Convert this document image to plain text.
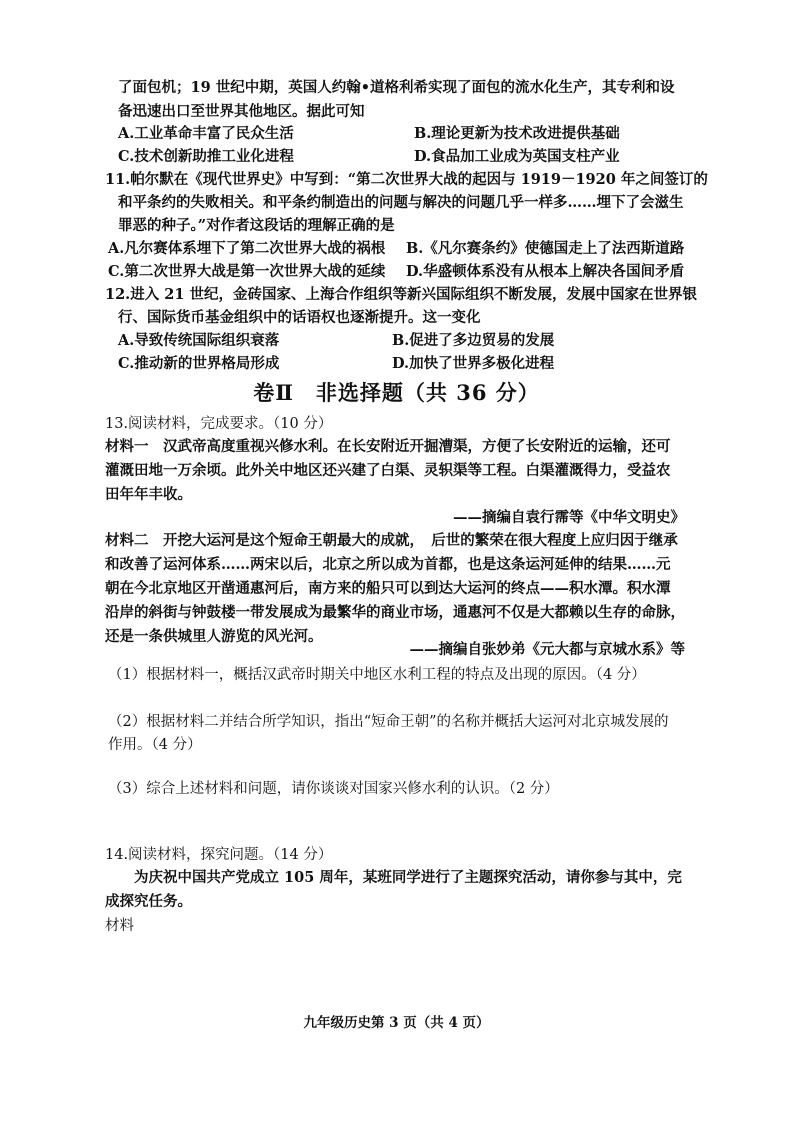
了面包机；19 世纪中期，英国人约翰•道格利希实现了面包的流水化生产，其专利和设
备迅速出口至世界其他地区。据此可知
A.工业革命丰富了民众生活	B.理论更新为技术改进提供基础
C.技术创新助推工业化进程	D.食品加工业成为英国支柱产业
11.帕尔默在《现代世界史》中写到：“第二次世界大战的起因与 1919－1920 年之间签订的
和平条约的失败相关。和平条约制造出的问题与解决的问题几乎一样多……埋下了会滋生
罪恶的种子。”对作者这段话的理解正确的是
A.凡尔赛体系埋下了第二次世界大战的祸根 B.《凡尔赛条约》使德国走上了法西斯道路
C.第二次世界大战是第一次世界大战的延续 D.华盛顿体系没有从根本上解决各国间矛盾
12.进入 21 世纪，金砖国家、上海合作组织等新兴国际组织不断发展，发展中国家在世界银
行、国际货币基金组织中的话语权也逐渐提升。这一变化
A.导致传统国际组织衰落	B.促进了多边贸易的发展
C.推动新的世界格局形成	D.加快了世界多极化进程
卷Ⅱ　非选择题（共 36 分）
13.阅读材料，完成要求。（10 分）
材料一　汉武帝高度重视兴修水利。在长安附近开掘漕渠，方便了长安附近的运输，还可
灌溉田地一万余顷。此外关中地区还兴建了白渠、灵轵渠等工程。白渠灌溉得力，受益农
田年年丰收。
——摘编自袁行霈等《中华文明史》
材料二　开挖大运河是这个短命王朝最大的成就，　后世的繁荣在很大程度上应归因于继承
和改善了运河体系……两宋以后，北京之所以成为首都，也是这条运河延伸的结果……元
朝在今北京地区开凿通惠河后，南方来的船只可以到达大运河的终点——积水潭。积水潭
沿岸的斜街与钟鼓楼一带发展成为最繁华的商业市场，通惠河不仅是大都赖以生存的命脉，
还是一条供城里人游览的风光河。
——摘编自张妙弟《元大都与京城水系》等
（1）根据材料一，概括汉武帝时期关中地区水利工程的特点及出现的原因。（4 分）
（2）根据材料二并结合所学知识，指出“短命王朝”的名称并概括大运河对北京城发展的
作用。（4 分）
（3）综合上述材料和问题，请你谈谈对国家兴修水利的认识。（2 分）
14.阅读材料，探究问题。（14 分）
为庆祝中国共产党成立 105 周年，某班同学进行了主题探究活动，请你参与其中，完
成探究任务。
材料
九年级历史第 3 页（共 4 页）
